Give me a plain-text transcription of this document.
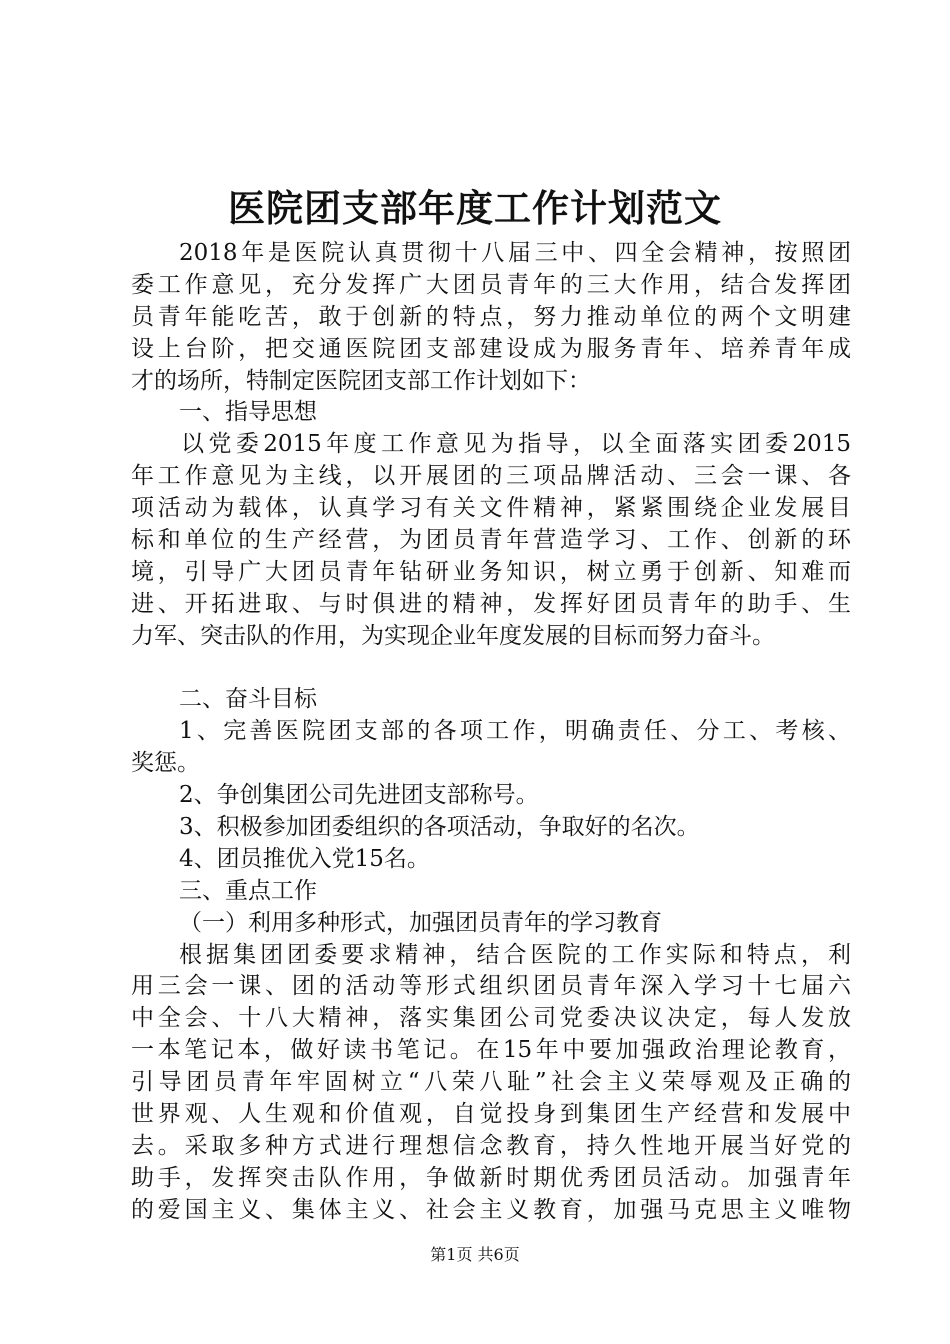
医院团支部年度工作计划范文
2018年是医院认真贯彻十八届三中、四全会精神，按照团
委工作意见，充分发挥广大团员青年的三大作用，结合发挥团
员青年能吃苦，敢于创新的特点，努力推动单位的两个文明建
设上台阶，把交通医院团支部建设成为服务青年、培养青年成
才的场所，特制定医院团支部工作计划如下：
一、指导思想
以党委2015年度工作意见为指导，以全面落实团委2015
年工作意见为主线，以开展团的三项品牌活动、三会一课、各
项活动为载体，认真学习有关文件精神，紧紧围绕企业发展目
标和单位的生产经营，为团员青年营造学习、工作、创新的环
境，引导广大团员青年钻研业务知识，树立勇于创新、知难而
进、开拓进取、与时俱进的精神，发挥好团员青年的助手、生
力军、突击队的作用，为实现企业年度发展的目标而努力奋斗。
二、奋斗目标
1、完善医院团支部的各项工作，明确责任、分工、考核、
奖惩。
2、争创集团公司先进团支部称号。
3、积极参加团委组织的各项活动，争取好的名次。
4、团员推优入党15名。
三、重点工作
（一）利用多种形式，加强团员青年的学习教育
根据集团团委要求精神，结合医院的工作实际和特点，利
用三会一课、团的活动等形式组织团员青年深入学习十七届六
中全会、十八大精神，落实集团公司党委决议决定，每人发放
一本笔记本，做好读书笔记。在15年中要加强政治理论教育，
引导团员青年牢固树立“八荣八耻”社会主义荣辱观及正确的
世界观、人生观和价值观，自觉投身到集团生产经营和发展中
去。采取多种方式进行理想信念教育，持久性地开展当好党的
助手，发挥突击队作用，争做新时期优秀团员活动。加强青年
的爱国主义、集体主义、社会主义教育，加强马克思主义唯物
第1页 共6页
